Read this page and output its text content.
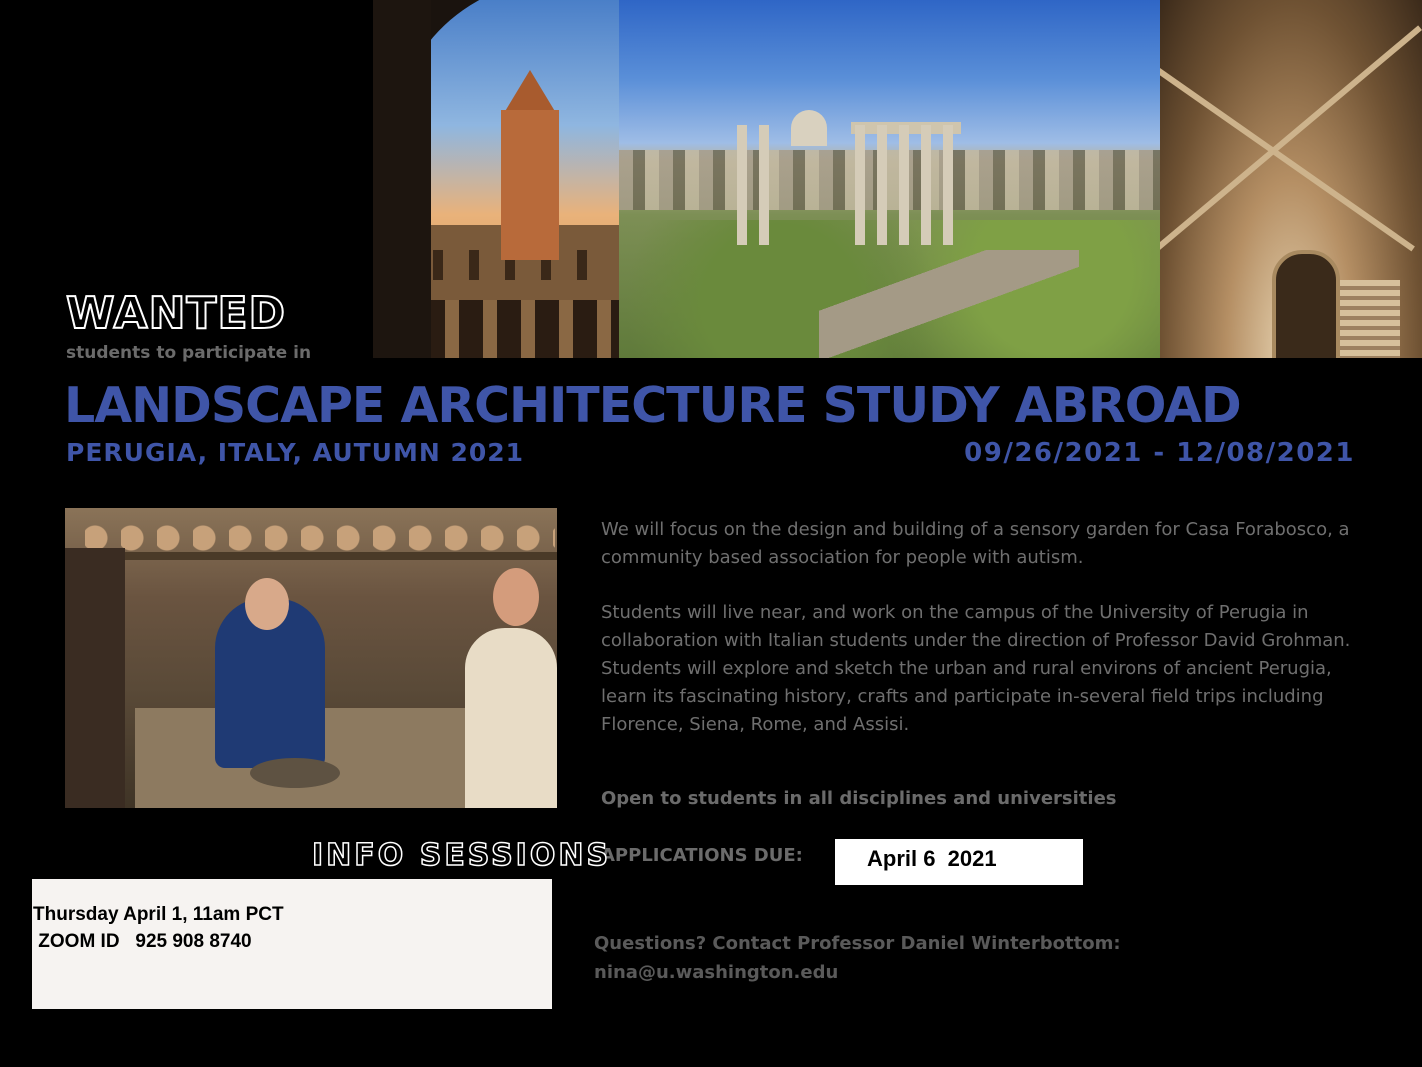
WANTED
students to participate in
LANDSCAPE ARCHITECTURE STUDY ABROAD
PERUGIA, ITALY, AUTUMN 2021	09/26/2021 - 12/08/2021
We will focus on the design and building of a sensory garden for Casa Forabosco, a community based association for people with autism.
Students will live near, and work on the campus of the University of Perugia in collaboration with Italian students under the direction of Professor David Grohman. Students will explore and sketch the urban and rural environs of ancient Perugia, learn its fascinating history, crafts and participate in-several field trips including Florence, Siena, Rome, and Assisi.
Open to students in all disciplines and universities
APPLICATIONS DUE:	April 6  2021
INFO SESSIONS
Thursday April 1, 11am PCT
ZOOM ID   925 908 8740	Questions? Contact Professor Daniel Winterbottom:
nina@u.washington.edu
